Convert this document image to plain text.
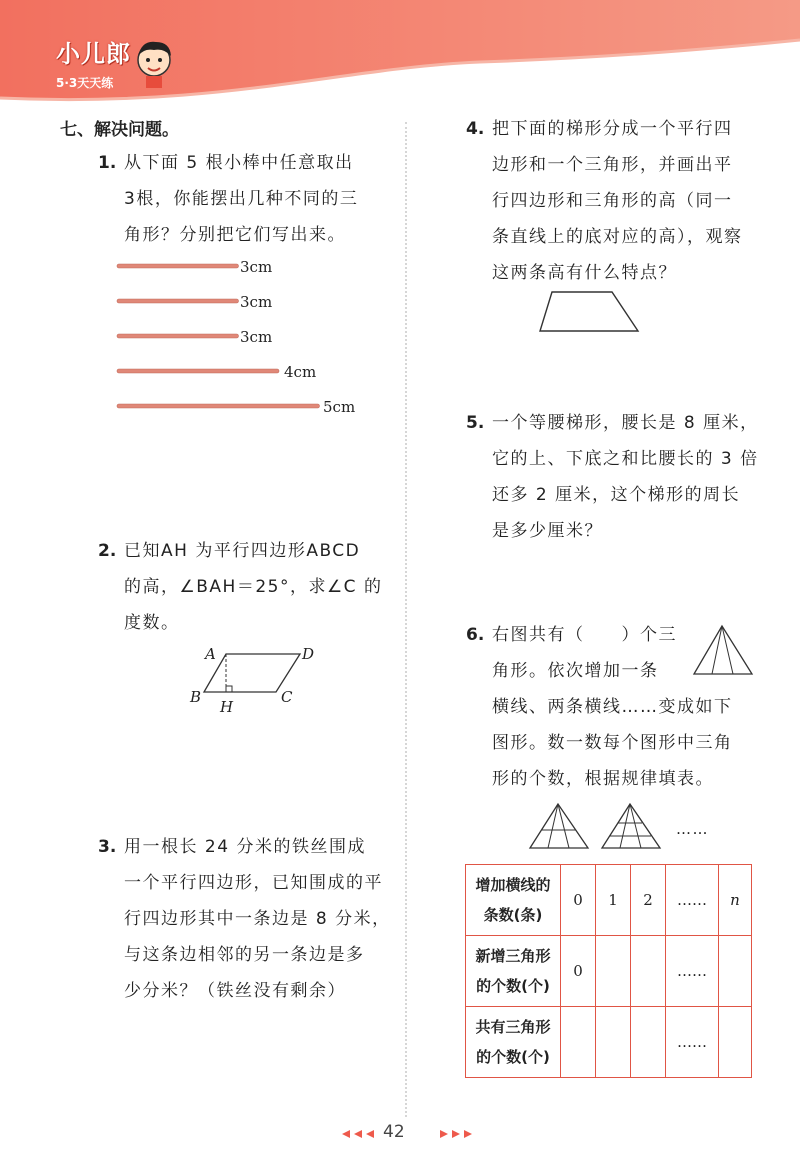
小儿郎
5·3天天练
七、解决问题。
1. 从下面 5 根小棒中任意取出
3根，你能摆出几种不同的三
角形？分别把它们写出来。
3cm
3cm
3cm
4cm
5cm
2. 已知AH 为平行四边形ABCD
的高，∠BAH＝25°，求∠C 的
度数。
A	D
B	C
H
3. 用一根长 24 分米的铁丝围成
一个平行四边形，已知围成的平
行四边形其中一条边是 8 分米，
与这条边相邻的另一条边是多
少分米？（铁丝没有剩余）
4. 把下面的梯形分成一个平行四
边形和一个三角形，并画出平
行四边形和三角形的高（同一
条直线上的底对应的高），观察
这两条高有什么特点？
5. 一个等腰梯形，腰长是 8 厘米，
它的上、下底之和比腰长的 3 倍
还多 2 厘米，这个梯形的周长
是多少厘米？
6. 右图共有（　　）个三
角形。依次增加一条
横线、两条横线……变成如下
图形。数一数每个图形中三角
形的个数，根据规律填表。
……
增加横线的
条数(条)	0	1	2	……	n
新增三角形
的个数(个)	0			……	
共有三角形
的个数(个)				……	
42
